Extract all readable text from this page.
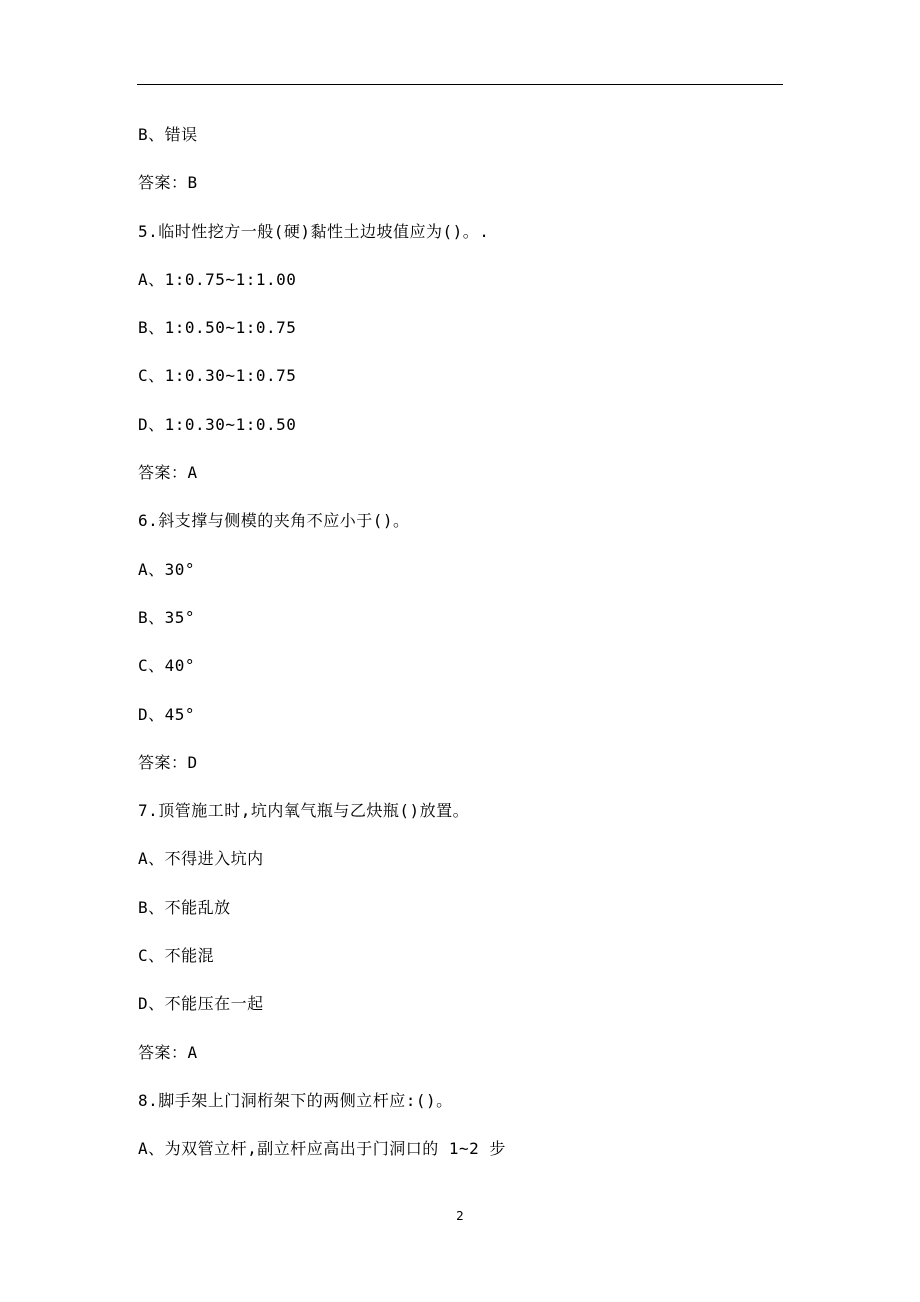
B、错误
答案：B
5.临时性挖方一般(硬)黏性土边坡值应为()。.
A、1:0.75~1:1.00
B、1:0.50~1:0.75
C、1:0.30~1:0.75
D、1:0.30~1:0.50
答案：A
6.斜支撑与侧模的夹角不应小于()。
A、30°
B、35°
C、40°
D、45°
答案：D
7.顶管施工时,坑内氧气瓶与乙炔瓶()放置。
A、不得进入坑内
B、不能乱放
C、不能混
D、不能压在一起
答案：A
8.脚手架上门洞桁架下的两侧立杆应:()。
A、为双管立杆,副立杆应高出于门洞口的 1~2 步
2
